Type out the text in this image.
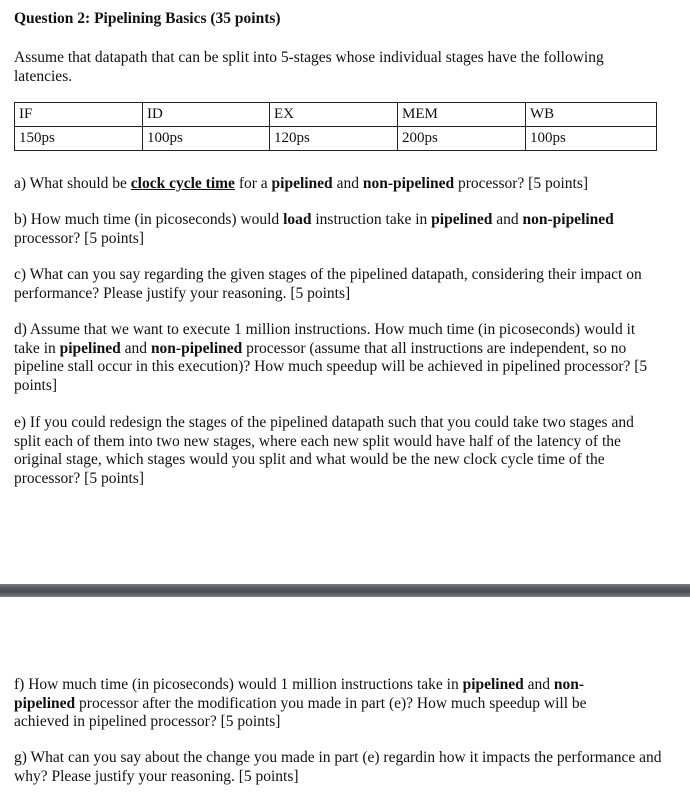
Question 2: Pipelining Basics (35 points)
Assume that datapath that can be split into 5-stages whose individual stages have the following latencies.
IF	ID	EX	MEM	WB
150ps	100ps	120ps	200ps	100ps
a) What should be clock cycle time for a pipelined and non-pipelined processor? [5 points]
b) How much time (in picoseconds) would load instruction take in pipelined and non-pipelined processor? [5 points]
c) What can you say regarding the given stages of the pipelined datapath, considering their impact on performance? Please justify your reasoning. [5 points]
d) Assume that we want to execute 1 million instructions. How much time (in picoseconds) would it take in pipelined and non-pipelined processor (assume that all instructions are independent, so no pipeline stall occur in this execution)? How much speedup will be achieved in pipelined processor? [5 points]
e) If you could redesign the stages of the pipelined datapath such that you could take two stages and split each of them into two new stages, where each new split would have half of the latency of the original stage, which stages would you split and what would be the new clock cycle time of the processor? [5 points]
f) How much time (in picoseconds) would 1 million instructions take in pipelined and non-pipelined processor after the modification you made in part (e)? How much speedup will be achieved in pipelined processor? [5 points]
g) What can you say about the change you made in part (e) regardin how it impacts the performance and why? Please justify your reasoning. [5 points]
